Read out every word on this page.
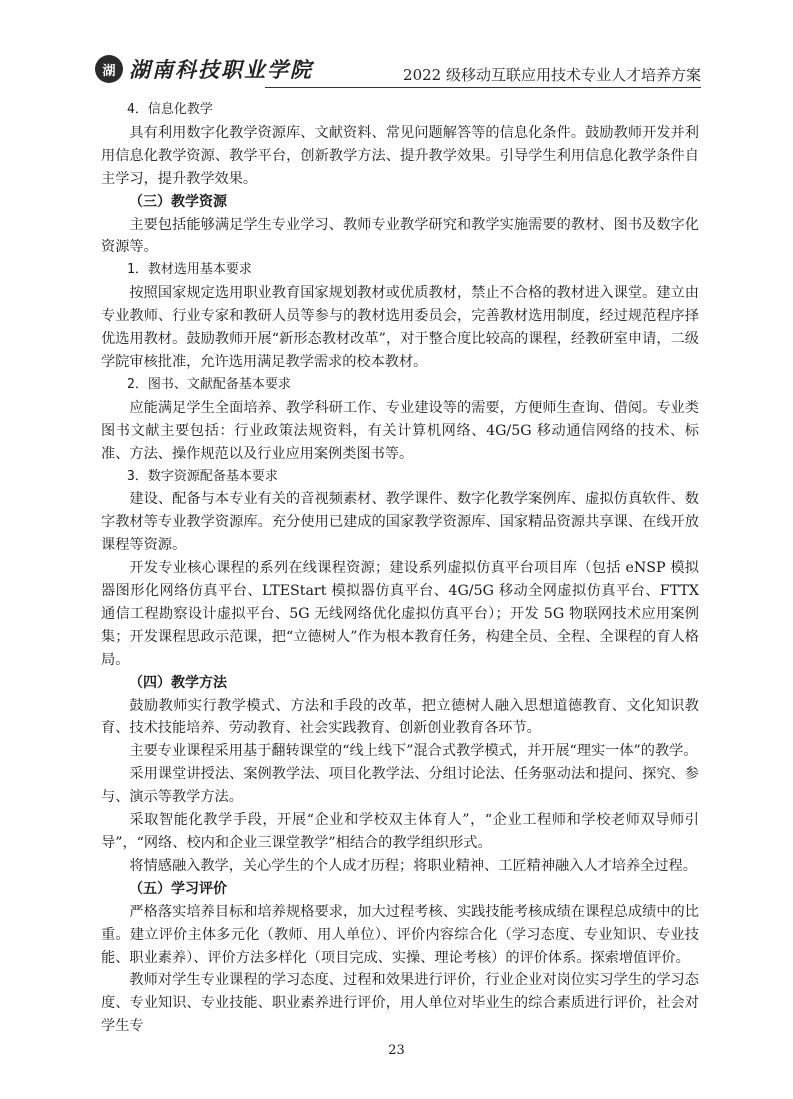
湖 湖南科技职业学院	2022 级移动互联应用技术专业人才培养方案

4．信息化教学

具有利用数字化教学资源库、文献资料、常见问题解答等的信息化条件。鼓励教师开发并利用信息化教学资源、教学平台，创新教学方法、提升教学效果。引导学生利用信息化教学条件自主学习，提升教学效果。

（三）教学资源

主要包括能够满足学生专业学习、教师专业教学研究和教学实施需要的教材、图书及数字化资源等。

1．教材选用基本要求

按照国家规定选用职业教育国家规划教材或优质教材，禁止不合格的教材进入课堂。建立由专业教师、行业专家和教研人员等参与的教材选用委员会，完善教材选用制度，经过规范程序择优选用教材。鼓励教师开展“新形态教材改革”，对于整合度比较高的课程，经教研室申请，二级学院审核批准，允许选用满足教学需求的校本教材。

2．图书、文献配备基本要求

应能满足学生全面培养、教学科研工作、专业建设等的需要，方便师生查询、借阅。专业类图书文献主要包括：行业政策法规资料，有关计算机网络、4G/5G 移动通信网络的技术、标准、方法、操作规范以及行业应用案例类图书等。

3．数字资源配备基本要求

建设、配备与本专业有关的音视频素材、教学课件、数字化教学案例库、虚拟仿真软件、数字教材等专业教学资源库。充分使用已建成的国家教学资源库、国家精品资源共享课、在线开放课程等资源。

开发专业核心课程的系列在线课程资源；建设系列虚拟仿真平台项目库（包括 eNSP 模拟器图形化网络仿真平台、LTEStart 模拟器仿真平台、4G/5G 移动全网虚拟仿真平台、FTTX 通信工程勘察设计虚拟平台、5G 无线网络优化虚拟仿真平台）；开发 5G 物联网技术应用案例集；开发课程思政示范课，把“立德树人”作为根本教育任务，构建全员、全程、全课程的育人格局。

（四）教学方法

鼓励教师实行教学模式、方法和手段的改革，把立德树人融入思想道德教育、文化知识教育、技术技能培养、劳动教育、社会实践教育、创新创业教育各环节。

主要专业课程采用基于翻转课堂的“线上线下”混合式教学模式，并开展“理实一体”的教学。

采用课堂讲授法、案例教学法、项目化教学法、分组讨论法、任务驱动法和提问、探究、参与、演示等教学方法。

采取智能化教学手段，开展“企业和学校双主体育人”，“企业工程师和学校老师双导师引导”，“网络、校内和企业三课堂教学”相结合的教学组织形式。

将情感融入教学，关心学生的个人成才历程；将职业精神、工匠精神融入人才培养全过程。

（五）学习评价

严格落实培养目标和培养规格要求，加大过程考核、实践技能考核成绩在课程总成绩中的比重。建立评价主体多元化（教师、用人单位）、评价内容综合化（学习态度、专业知识、专业技能、职业素养）、评价方法多样化（项目完成、实操、理论考核）的评价体系。探索增值评价。

教师对学生专业课程的学习态度、过程和效果进行评价，行业企业对岗位实习学生的学习态度、专业知识、专业技能、职业素养进行评价，用人单位对毕业生的综合素质进行评价，社会对学生专

23
